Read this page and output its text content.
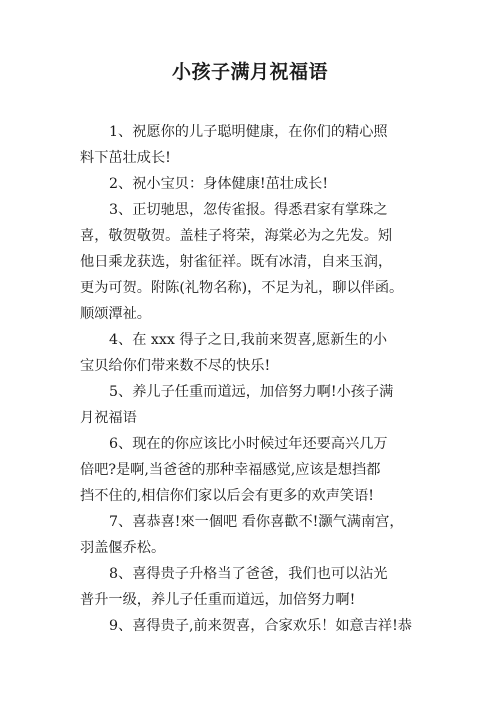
小孩子满月祝福语

1、祝愿你的儿子聪明健康，在你们的精心照
料下茁壮成长!

2、祝小宝贝：身体健康!茁壮成长!

3、正切驰思，忽传雀报。得悉君家有掌珠之
喜，敬贺敬贺。盖桂子将荣，海棠必为之先发。矧
他日乘龙获选，射雀征祥。既有冰清，自来玉润，
更为可贺。附陈(礼物名称)，不足为礼，聊以伴函。
顺颂潭祉。

4、在 xxx 得子之日,我前来贺喜,愿新生的小
宝贝给你们带来数不尽的快乐!

5、养儿子任重而道远，加倍努力啊!小孩子满
月祝福语

6、现在的你应该比小时候过年还要高兴几万
倍吧?是啊,当爸爸的那种幸福感觉,应该是想挡都
挡不住的,相信你们家以后会有更多的欢声笑语!

7、喜恭喜!來一個吧 看你喜歡不!灏气满南宫，
羽盖偃乔松。

8、喜得贵子升格当了爸爸，我们也可以沾光
普升一级，养儿子任重而道远，加倍努力啊!

9、喜得贵子,前来贺喜，合家欢乐！如意吉祥!恭
